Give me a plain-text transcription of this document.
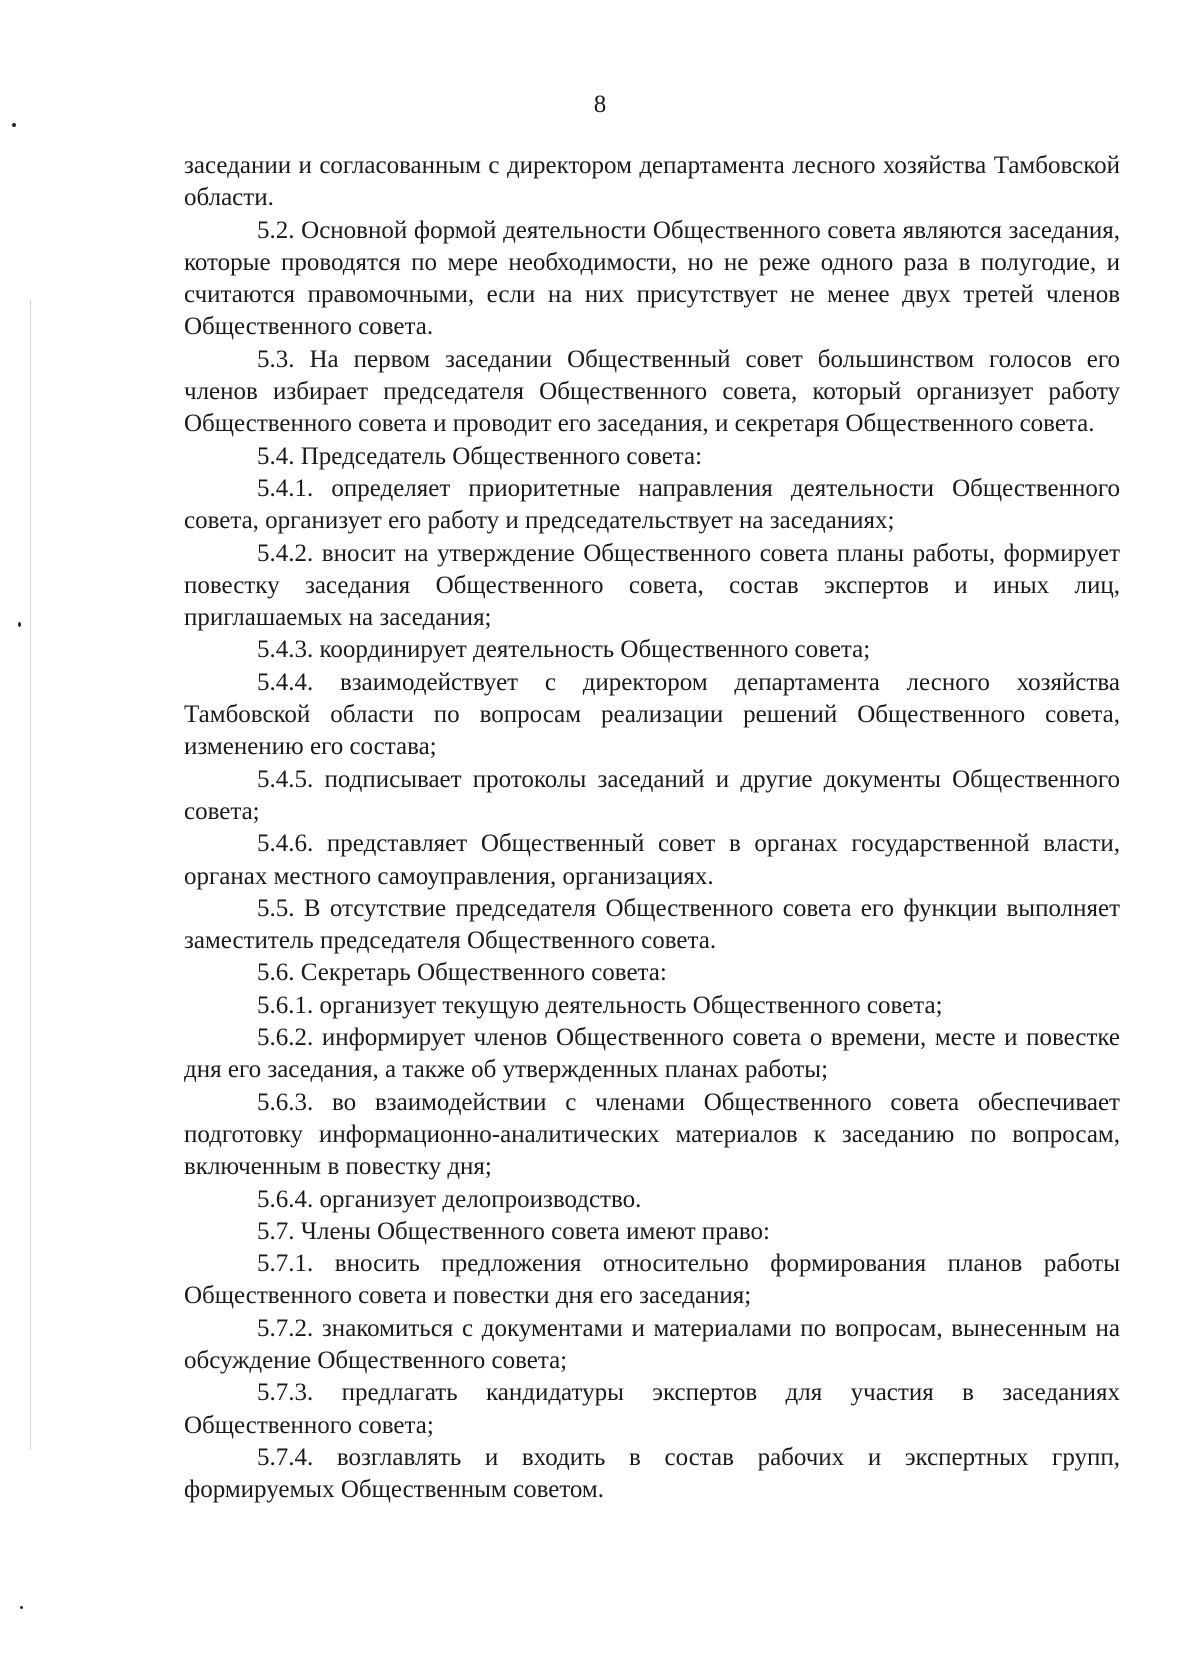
8

заседании и согласованным с директором департамента лесного хозяйства Тамбовской области.

5.2. Основной формой деятельности Общественного совета являются заседания, которые проводятся по мере необходимости, но не реже одного раза в полугодие, и считаются правомочными, если на них присутствует не менее двух третей членов Общественного совета.

5.3. На первом заседании Общественный совет большинством голосов его членов избирает председателя Общественного совета, который организует работу Общественного совета и проводит его заседания, и секретаря Общественного совета.

5.4. Председатель Общественного совета:

5.4.1. определяет приоритетные направления деятельности Общественного совета, организует его работу и председательствует на заседаниях;

5.4.2. вносит на утверждение Общественного совета планы работы, формирует повестку заседания Общественного совета, состав экспертов и иных лиц, приглашаемых на заседания;

5.4.3. координирует деятельность Общественного совета;

5.4.4. взаимодействует с директором департамента лесного хозяйства Тамбовской области по вопросам реализации решений Общественного совета, изменению его состава;

5.4.5. подписывает протоколы заседаний и другие документы Общественного совета;

5.4.6. представляет Общественный совет в органах государственной власти, органах местного самоуправления, организациях.

5.5. В отсутствие председателя Общественного совета его функции выполняет заместитель председателя Общественного совета.

5.6. Секретарь Общественного совета:

5.6.1. организует текущую деятельность Общественного совета;

5.6.2. информирует членов Общественного совета о времени, месте и повестке дня его заседания, а также об утвержденных планах работы;

5.6.3. во взаимодействии с членами Общественного совета обеспечивает подготовку информационно-аналитических материалов к заседанию по вопросам, включенным в повестку дня;

5.6.4. организует делопроизводство.

5.7. Члены Общественного совета имеют право:

5.7.1. вносить предложения относительно формирования планов работы Общественного совета и повестки дня его заседания;

5.7.2. знакомиться с документами и материалами по вопросам, вынесенным на обсуждение Общественного совета;

5.7.3. предлагать кандидатуры экспертов для участия в заседаниях Общественного совета;

5.7.4. возглавлять и входить в состав рабочих и экспертных групп, формируемых Общественным советом.
